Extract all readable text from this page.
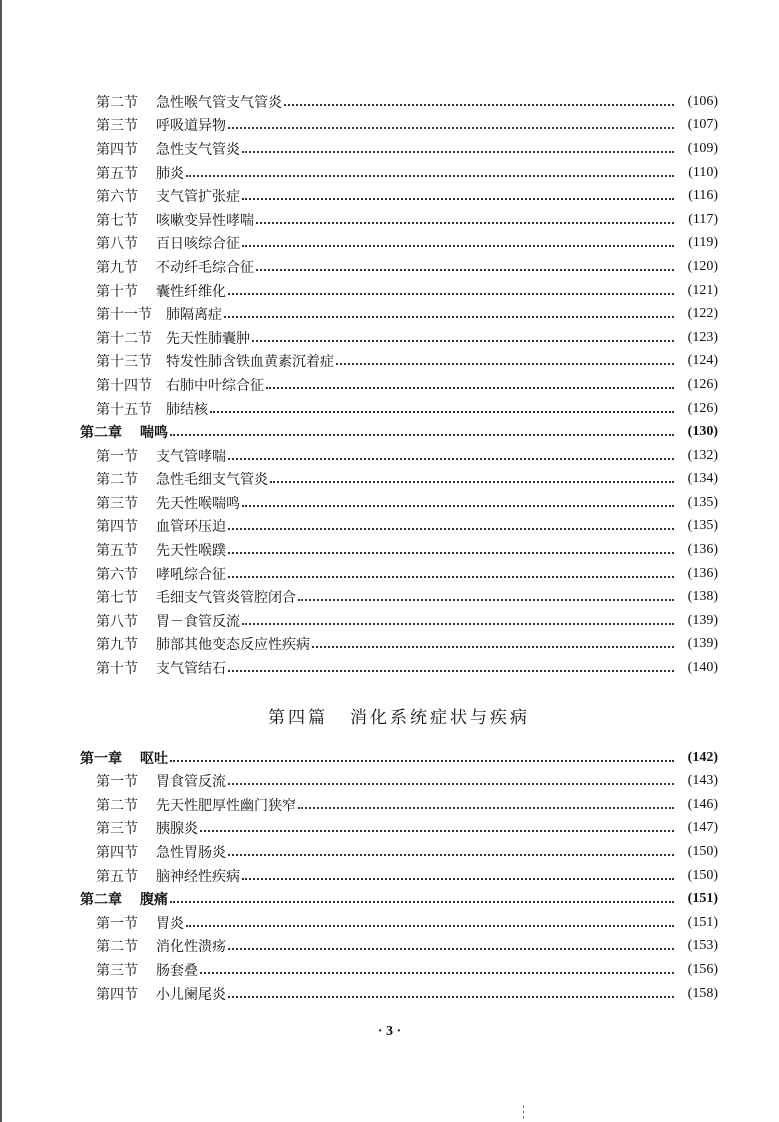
第二节 急性喉气管支气管炎	(106)
第三节 呼吸道异物	(107)
第四节 急性支气管炎	(109)
第五节 肺炎	(110)
第六节 支气管扩张症	(116)
第七节 咳嗽变异性哮喘	(117)
第八节 百日咳综合征	(119)
第九节 不动纤毛综合征	(120)
第十节 囊性纤维化	(121)
第十一节 肺隔离症	(122)
第十二节 先天性肺囊肿	(123)
第十三节 特发性肺含铁血黄素沉着症	(124)
第十四节 右肺中叶综合征	(126)
第十五节 肺结核	(126)
第二章 喘鸣	(130)
第一节 支气管哮喘	(132)
第二节 急性毛细支气管炎	(134)
第三节 先天性喉喘鸣	(135)
第四节 血管环压迫	(135)
第五节 先天性喉蹼	(136)
第六节 哮吼综合征	(136)
第七节 毛细支气管炎管腔闭合	(138)
第八节 胃－食管反流	(139)
第九节 肺部其他变态反应性疾病	(139)
第十节 支气管结石	(140)
第四篇 消化系统症状与疾病
第一章 呕吐	(142)
第一节 胃食管反流	(143)
第二节 先天性肥厚性幽门狭窄	(146)
第三节 胰腺炎	(147)
第四节 急性胃肠炎	(150)
第五节 脑神经性疾病	(150)
第二章 腹痛	(151)
第一节 胃炎	(151)
第二节 消化性溃疡	(153)
第三节 肠套叠	(156)
第四节 小儿阑尾炎	(158)
· 3 ·
